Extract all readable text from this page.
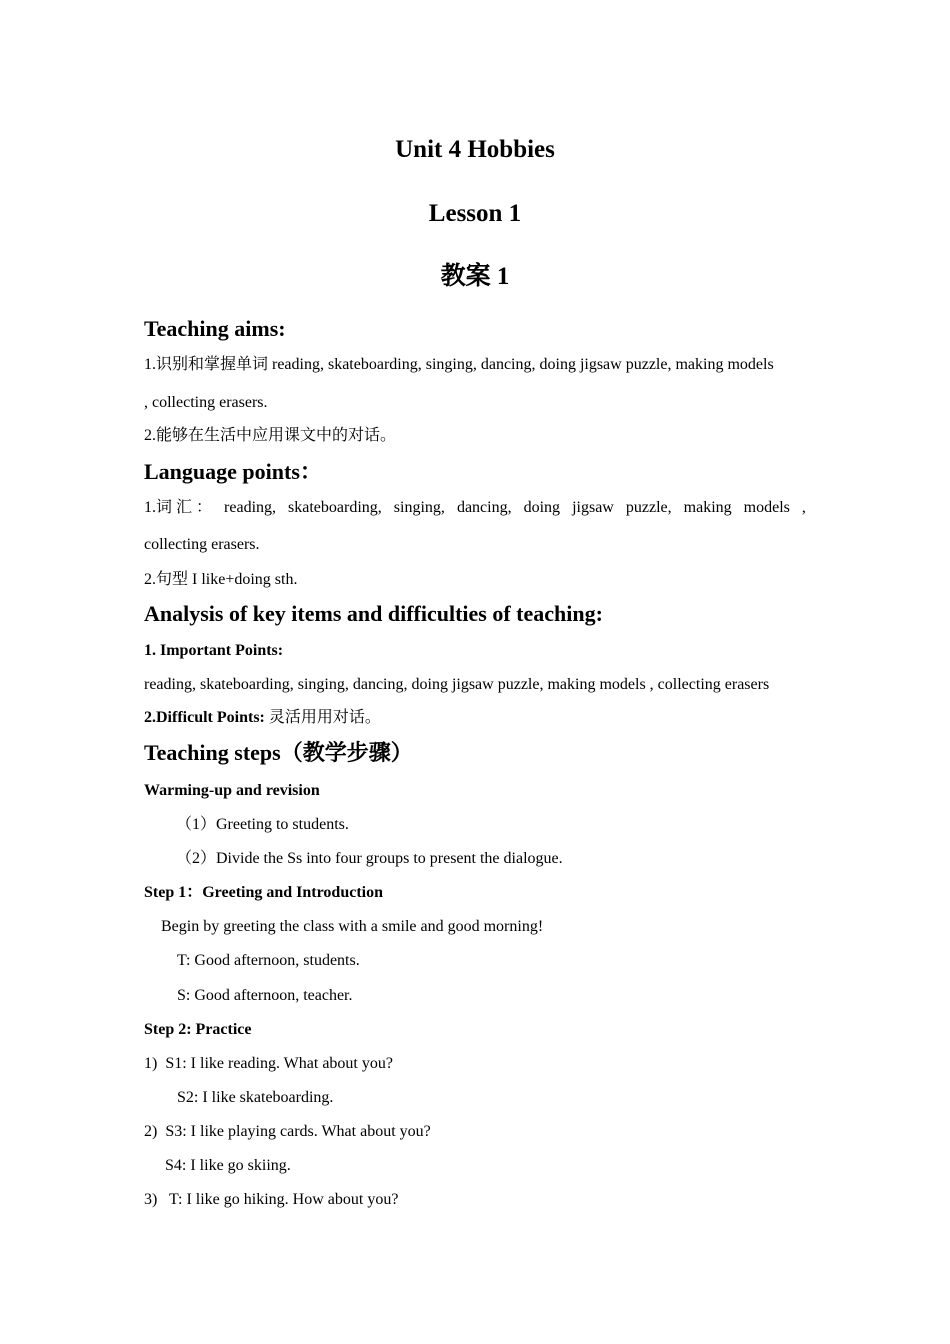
Unit 4 Hobbies
Lesson 1
教案 1
Teaching aims:
1.识别和掌握单词 reading, skateboarding, singing, dancing, doing jigsaw puzzle, making models
, collecting erasers.
2.能够在生活中应用课文中的对话。
Language points：
1.词 汇 ： reading, skateboarding, singing, dancing, doing jigsaw puzzle, making models ,
collecting erasers.
2.句型 I like+doing sth.
Analysis of key items and difficulties of teaching:
1. Important Points:
reading, skateboarding, singing, dancing, doing jigsaw puzzle, making models , collecting erasers
2.Difficult Points: 灵活用用对话。
Teaching steps（教学步骤）
Warming-up and revision
（1）Greeting to students.
（2）Divide the Ss into four groups to present the dialogue.
Step 1：Greeting and Introduction
Begin by greeting the class with a smile and good morning!
T: Good afternoon, students.
S: Good afternoon, teacher.
Step 2: Practice
1)  S1: I like reading. What about you?
S2: I like skateboarding.
2)  S3: I like playing cards. What about you?
S4: I like go skiing.
3)   T: I like go hiking. How about you?
